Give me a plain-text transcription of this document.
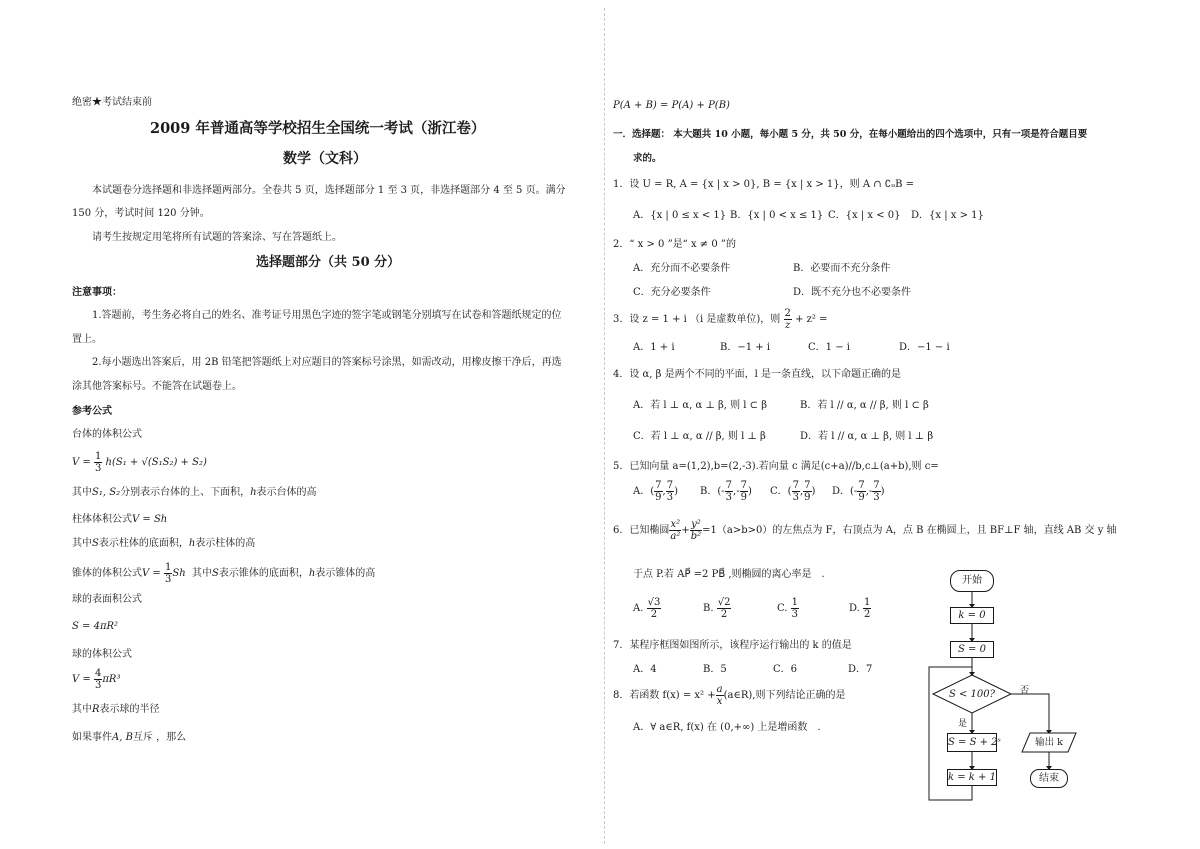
绝密★考试结束前
2009 年普通高等学校招生全国统一考试（浙江卷）
数学（文科）
本试题卷分选择题和非选择题两部分。全卷共 5 页，选择题部分 1 至 3 页，非选择题部分 4 至 5 页。满分
150 分，考试时间 120 分钟。
请考生按规定用笔将所有试题的答案涂、写在答题纸上。
选择题部分（共 50 分）
注意事项：
1.答题前，考生务必将自己的姓名、准考证号用黑色字迹的签字笔或钢笔分别填写在试卷和答题纸规定的位
置上。
2.每小题选出答案后，用 2B 铅笔把答题纸上对应题目的答案标号涂黑，如需改动，用橡皮擦干净后，再选
涂其他答案标号。不能答在试题卷上。
参考公式
台体的体积公式
$V = \frac{1}{3} h(S_1 + √(S_1S_2) + S_2)$
其中S₁, S₂分别表示台体的上、下面积，h表示台体的高
柱体体积公式V = Sh
其中S表示柱体的底面积，h表示柱体的高
锥体的体积公式$V = \frac{1}{3}$ Sh 其中S表示锥体的底面积，h表示锥体的高
球的表面积公式
S = 4πR²
球的体积公式
$V = \frac{4}{3} \pi R^3$
其中R表示球的半径
如果事件A, B互斥 ，那么
P(A + B) = P(A) + P(B)
一．选择题： 本大题共 10 小题，每小题 5 分，共 50 分，在每小题给出的四个选项中，只有一项是符合题目要
求的。
1．设 U = R, A = {x | x > 0}, B = {x | x > 1}，则 A ∩ ∁ᵤB =
A．{x | 0 ≤ x < 1} B．{x | 0 < x ≤ 1} C．{x | x < 0} D．{x | x > 1}
2．“ x > 0 ”是“ x ≠ 0 ”的
A．充分而不必要条件	B．必要而不充分条件
C．充分必要条件	D．既不充分也不必要条件
3．设 z = 1 + i （i 是虚数单位)，则 $\frac{2}{z} + z^2$ =
A．1 + i	B．−1 + i	C．1 − i	D．−1 − i
4．设 α, β 是两个不同的平面，l 是一条直线，以下命题正确的是
A．若 l ⊥ α, α ⊥ β, 则 l ⊂ β	B．若 l // α, α // β, 则 l ⊂ β
C．若 l ⊥ α, α // β, 则 l ⊥ β	D．若 l // α, α ⊥ β, 则 l ⊥ β
5．已知向量 a=(1,2),b=(2,-3).若向量 c 满足(c+a)//b,c⊥(a+b),则 c=
A．( $\frac{7}{9}$ , $\frac{7}{3}$ ) B．(- $\frac{7}{3}$ ,- $\frac{7}{9}$ ) C．( $\frac{7}{3}$ , $\frac{7}{9}$ ) D．(- $\frac{7}{9}$ ,- $\frac{7}{3}$ )
6．已知椭圆 $\frac{\text{x²}}{\text{a²}} + \frac{\text{y²}}{\text{b²}} =1(a>b>0)$的左焦点为 F，右顶点为 A，点 B 在椭圆上，且 BF⊥F 轴，直线 AB 交 y 轴
于点 P.若 AP⃗ =2 PB⃗ ,则椭圆的离心率是　.
A. $\frac{√3}{2}$	B. $\frac{√2}{2}$	C. $\frac{1}{3}$	D. $\frac{1}{2}$
7．某程序框图如图所示，该程序运行输出的 k 的值是
A．4	B．5	C．6	D．7
8．若函数 $f(x) = x^2 + \frac{a}{x}$ (a∈R),则下列结论正确的是
A．∀ a∈R, f(x) 在 (0,+∞) 上是增函数　.
开始
k = 0
S = 0
S < 100?	否
是
S = S + 2ˢ
k = k + 1
输出 k
结束
